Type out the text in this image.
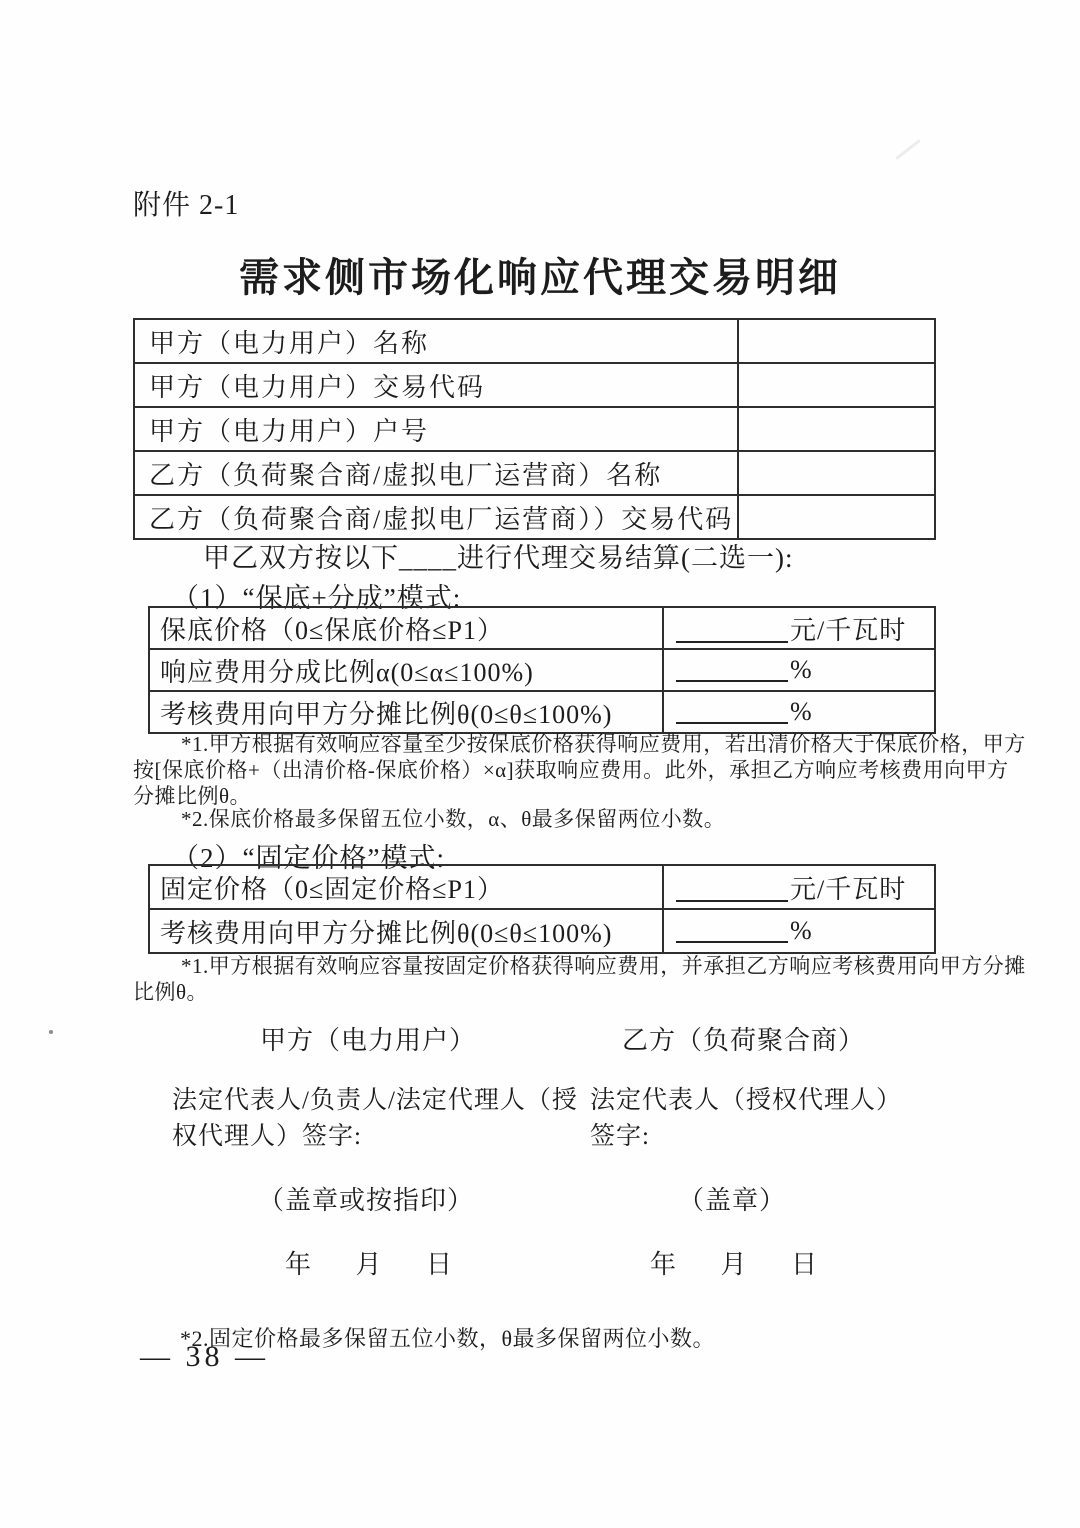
附件 2-1
需求侧市场化响应代理交易明细
甲方（电力用户）名称	
甲方（电力用户）交易代码	
甲方（电力用户）户号	
乙方（负荷聚合商/虚拟电厂运营商）名称	
乙方（负荷聚合商/虚拟电厂运营商））交易代码	
甲乙双方按以下____进行代理交易结算(二选一):
（1）“保底+分成”模式:
保底价格（0≤保底价格≤P1）	元/千瓦时
响应费用分成比例α(0≤α≤100%)	%
考核费用向甲方分摊比例θ(0≤θ≤100%)	%
*1.甲方根据有效响应容量至少按保底价格获得响应费用，若出清价格大于保底价格，甲方
按[保底价格+（出清价格-保底价格）×α]获取响应费用。此外，承担乙方响应考核费用向甲方
分摊比例θ。
*2.保底价格最多保留五位小数，α、θ最多保留两位小数。
（2）“固定价格”模式:
固定价格（0≤固定价格≤P1）	元/千瓦时
考核费用向甲方分摊比例θ(0≤θ≤100%)	%
*1.甲方根据有效响应容量按固定价格获得响应费用，并承担乙方响应考核费用向甲方分摊
比例θ。
甲方（电力用户）	乙方（负荷聚合商）
法定代表人/负责人/法定代理人（授
权代理人）签字:
法定代表人（授权代理人）
签字:
（盖章或按指印）	（盖章）
年 月 日	年 月 日
*2.固定价格最多保留五位小数，θ最多保留两位小数。
— 38 —
